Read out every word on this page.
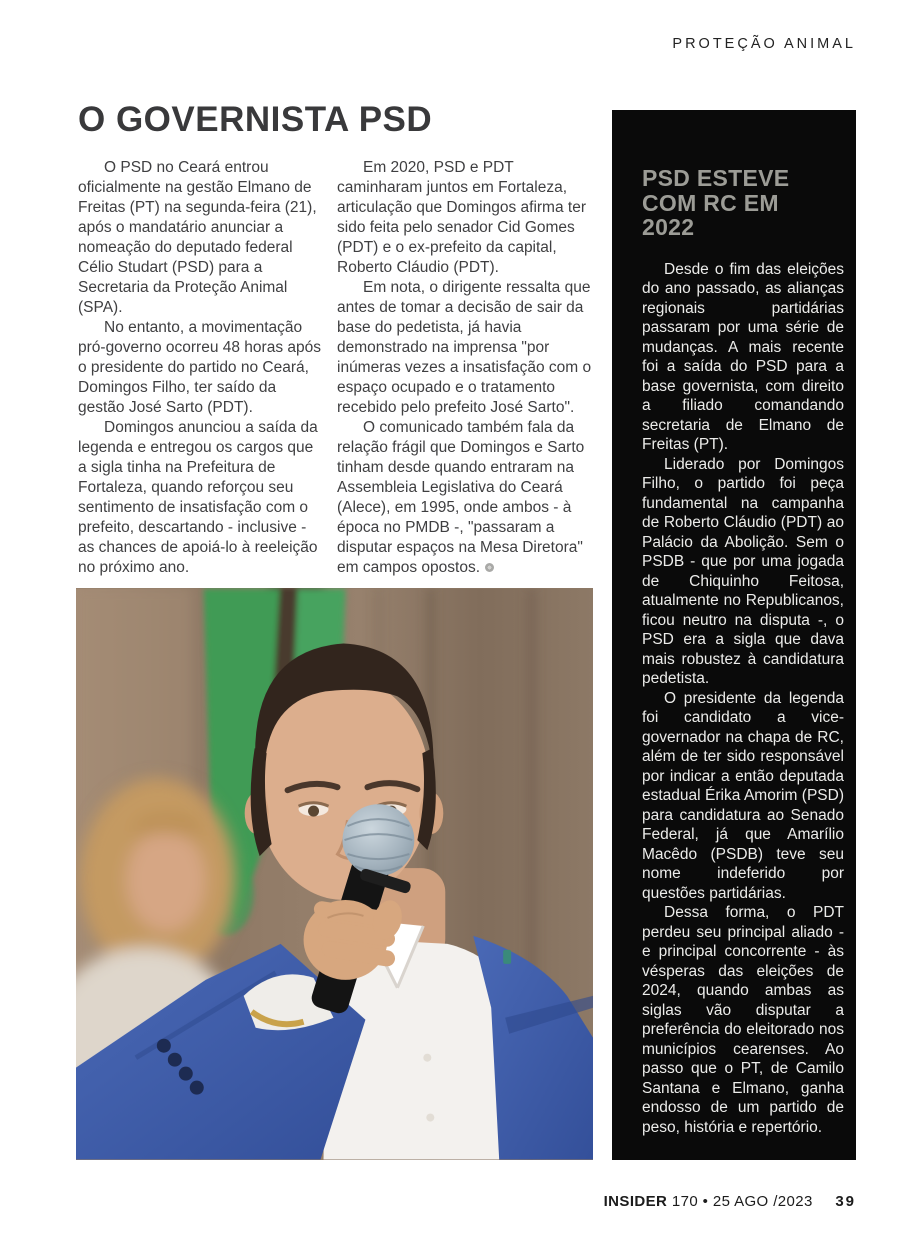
PROTEÇÃO ANIMAL
O GOVERNISTA PSD

O PSD no Ceará entrou oficialmente na gestão Elmano de Freitas (PT) na segunda-feira (21), após o mandatário anunciar a nomeação do deputado federal Célio Studart (PSD) para a Secretaria da Proteção Animal (SPA).

No entanto, a movimentação pró-governo ocorreu 48 horas após o presidente do partido no Ceará, Domingos Filho, ter saído da gestão José Sarto (PDT).

Domingos anunciou a saída da legenda e entregou os cargos que a sigla tinha na Prefeitura de Fortaleza, quando reforçou seu sentimento de insatisfação com o prefeito, descartando - inclusive - as chances de apoiá-lo à reeleição no próximo ano.

Em 2020, PSD e PDT caminharam juntos em Fortaleza, articulação que Domingos afirma ter sido feita pelo senador Cid Gomes (PDT) e o ex-prefeito da capital, Roberto Cláudio (PDT).

Em nota, o dirigente ressalta que antes de tomar a decisão de sair da base do pedetista, já havia demonstrado na imprensa "por inúmeras vezes a insatisfação com o espaço ocupado e o tratamento recebido pelo prefeito José Sarto".

O comunicado também fala da relação frágil que Domingos e Sarto tinham desde quando entraram na Assembleia Legislativa do Ceará (Alece), em 1995, onde ambos - à época no PMDB -, "passaram a disputar espaços na Mesa Diretora" em campos opostos.

PSD ESTEVE COM RC EM 2022

Desde o fim das eleições do ano passado, as alianças regionais partidárias passaram por uma série de mudanças. A mais recente foi a saída do PSD para a base governista, com direito a filiado comandando secretaria de Elmano de Freitas (PT).

Liderado por Domingos Filho, o partido foi peça fundamental na campanha de Roberto Cláudio (PDT) ao Palácio da Abolição. Sem o PSDB - que por uma jogada de Chiquinho Feitosa, atualmente no Republicanos, ficou neutro na disputa -, o PSD era a sigla que dava mais robustez à candidatura pedetista.

O presidente da legenda foi candidato a vice-governador na chapa de RC, além de ter sido responsável por indicar a então deputada estadual Érika Amorim (PSD) para candidatura ao Senado Federal, já que Amarílio Macêdo (PSDB) teve seu nome indeferido por questões partidárias.

Dessa forma, o PDT perdeu seu principal aliado - e principal concorrente - às vésperas das eleições de 2024, quando ambas as siglas vão disputar a preferência do eleitorado nos municípios cearenses. Ao passo que o PT, de Camilo Santana e Elmano, ganha endosso de um partido de peso, história e repertório.

INSIDER 170 • 25 AGO /2023 39
